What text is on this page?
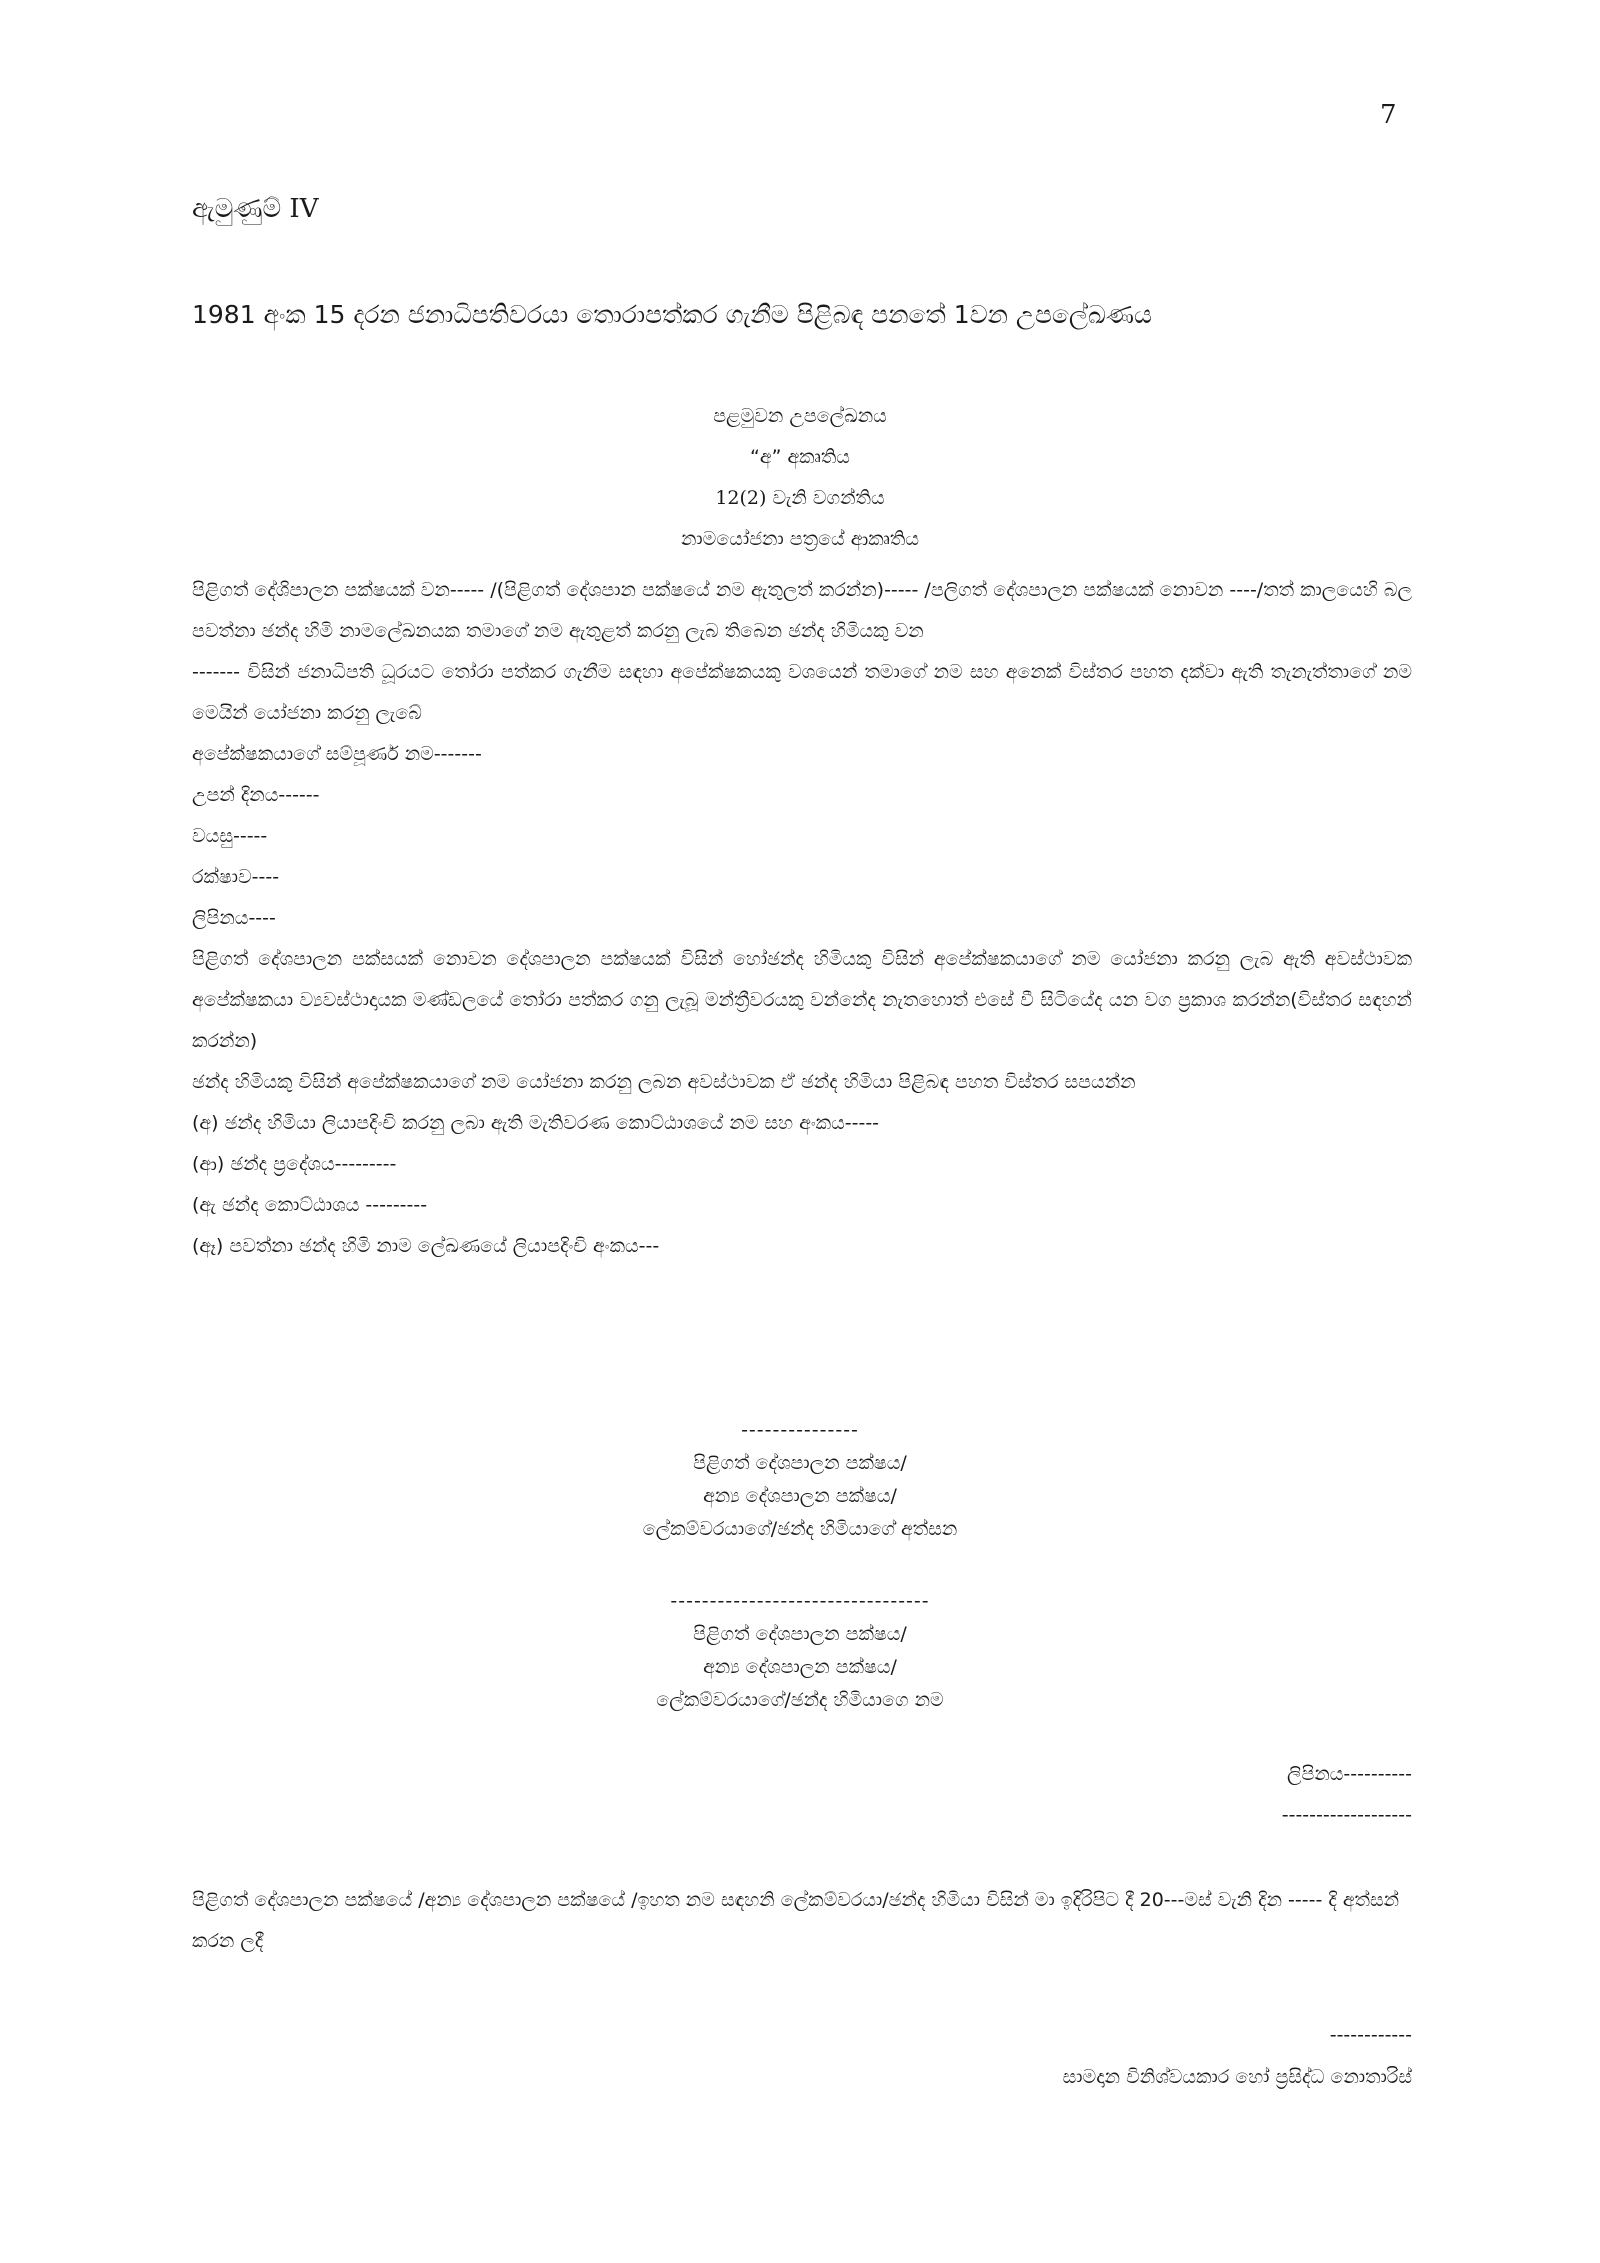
7
ඇමුණුම් IV
1981 අංක 15 දරන ජනාධිපතිවරයා තොරාපත්කර ගැනීම පිළිබඳ පනතේ 1වන උපලේඛණය
පළමුවන උපලේඛනය
“අ” අකෘතිය
12(2) වැනි වගන්තිය
නාමයෝජනා පත්‍රයේ ආකෘතිය

පිළිගත් දේශිපාලන පක්ෂයක් වන----- /(පිළිගත් දේශපාන පක්ෂයේ නම ඇතුලත් කරන්න)----- /පලිගත් දේශපාලන පක්ෂයක් නොවන ----/තත් කාලයෙහි බල පවත්නා ඡන්ද හිමි නාමලේඛනයක තමාගේ නම ඇතුළත් කරනු ලැබ තිබෙන ඡන්ද හිමියකු වන

------- විසින් ජනාධිපති ධූරයට තෝරා පත්කර ගැනීම සඳහා අපේක්ෂකයකු වශයෙන් තමාගේ නම සහ අනෙක් විස්තර පහත දක්වා ඇති තැනැත්තාගේ නම මෙයින් යෝජනා කරනු ලැබේ

අපේක්ෂකයාගේ සම්පූර්ණ නම-------

උපන් දිනය------

වයසු-----

රක්ෂාව----

ලිපිනය----

පිළිගත් දේශපාලන පක්සයක් නොවන දේශපාලන පක්ෂයක් විසින් හෝඡන්ද හිමියකු විසින් අපේක්ෂකයාගේ නම යෝජනා කරනු ලැබ ඇති අවස්ථාවක අපේක්ෂකයා ව්‍යවස්ථාදායක මණ්ඩලයේ තෝරා පත්කර ගනු ලැබූ මන්ත්‍රීවරයකු වන්නේද නැතහොත් එසේ වී සිටියේද යන වග ප්‍රකාශ කරන්න(විස්තර සඳහන් කරන්න)

ඡන්ද හිමියකු විසින් අපේක්ෂකයාගේ නම යෝජනා කරනු ලබන අවස්ථාවක ඒ ඡන්ද හිමියා පිළිබඳ පහත විස්තර සපයන්න

(අ) ඡන්ද හිමියා ලියාපදිංචි කරනු ලබා ඇති මැතිවරණ කොට්ඨාශයේ නම සහ අංකය-----

(ආ) ඡන්ද ප්‍රදේශය---------

(ඇ ඡන්ද කොට්ඨාශය ---------

(ඈ) පවත්නා ඡන්ද හිමි නාම ලේඛණයේ ලියාපදිංචි අංකය---

---------------
පිළිගත් දේශපාලන පක්ෂය/
අන්‍ය දේශපාලන පක්ෂය/
ලේකම්වරයාගේ/ඡන්ද හිමියාගේ අත්සන
---------------------------------
පිළිගත් දේශපාලන පක්ෂය/
අන්‍ය දේශපාලන පක්ෂය/
ලේකම්වරයාගේ/ඡන්ද හිමියාගෙ නම
ලිපිනය----------
-------------------
පිළිගත් දේශපාලන පක්ෂයේ /අන්‍ය දේශපාලන පක්ෂයේ /ඉහත නම සඳහනි ලේකම්වරයා/ඡන්ද හිමියා විසින් මා ඉදිරිපිට දී 20---මස් වැනි දින ----- දි අත්සන් කරන ලදී
------------
සාමදාන විනිශ්වයකාර හෝ ප්‍රසිද්ධ නොතාරිස්
